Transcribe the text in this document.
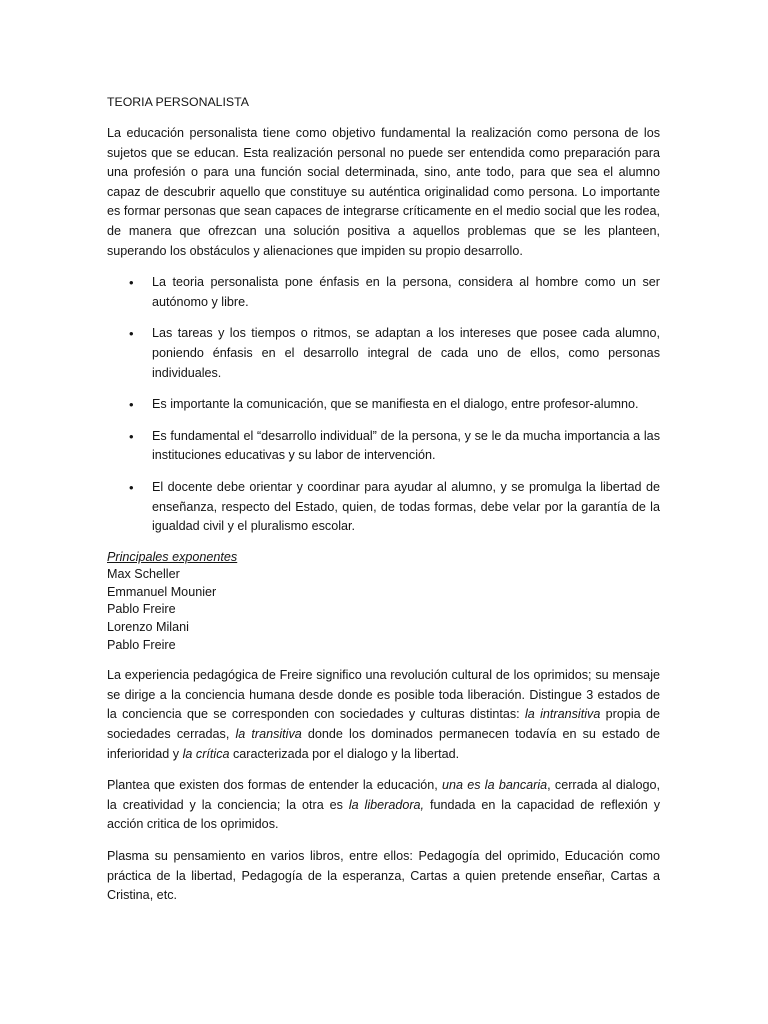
TEORIA PERSONALISTA

La educación personalista tiene como objetivo fundamental la realización como persona de los sujetos que se educan. Esta realización personal no puede ser entendida como preparación para una profesión o para una función social determinada, sino, ante todo, para que sea el alumno capaz de descubrir aquello que constituye su auténtica originalidad como persona. Lo importante es formar personas que sean capaces de integrarse críticamente en el medio social que les rodea, de manera que ofrezcan una solución positiva a aquellos problemas que se les planteen, superando los obstáculos y alienaciones que impiden su propio desarrollo.

• La teoria personalista pone énfasis en la persona, considera al hombre como un ser autónomo y libre.
• Las tareas y los tiempos o ritmos, se adaptan a los intereses que posee cada alumno, poniendo énfasis en el desarrollo integral de cada uno de ellos, como personas individuales.
• Es importante la comunicación, que se manifiesta en el dialogo, entre profesor-alumno.
• Es fundamental el “desarrollo individual” de la persona, y se le da mucha importancia a las instituciones educativas y su labor de intervención.
• El docente debe orientar y coordinar para ayudar al alumno, y se promulga la libertad de enseñanza, respecto del Estado, quien, de todas formas, debe velar por la garantía de la igualdad civil y el pluralismo escolar.
Principales exponentes
Max Scheller
Emmanuel Mounier
Pablo Freire
Lorenzo Milani
Pablo Freire

La experiencia pedagógica de Freire significo una revolución cultural de los oprimidos; su mensaje se dirige a la conciencia humana desde donde es posible toda liberación. Distingue 3 estados de la conciencia que se corresponden con sociedades y culturas distintas: la intransitiva propia de sociedades cerradas, la transitiva donde los dominados permanecen todavía en su estado de inferioridad y la crítica caracterizada por el dialogo y la libertad.

Plantea que existen dos formas de entender la educación, una es la bancaria, cerrada al dialogo, la creatividad y la conciencia; la otra es la liberadora, fundada en la capacidad de reflexión y acción critica de los oprimidos.

Plasma su pensamiento en varios libros, entre ellos: Pedagogía del oprimido, Educación como práctica de la libertad, Pedagogía de la esperanza, Cartas a quien pretende enseñar, Cartas a Cristina, etc.
